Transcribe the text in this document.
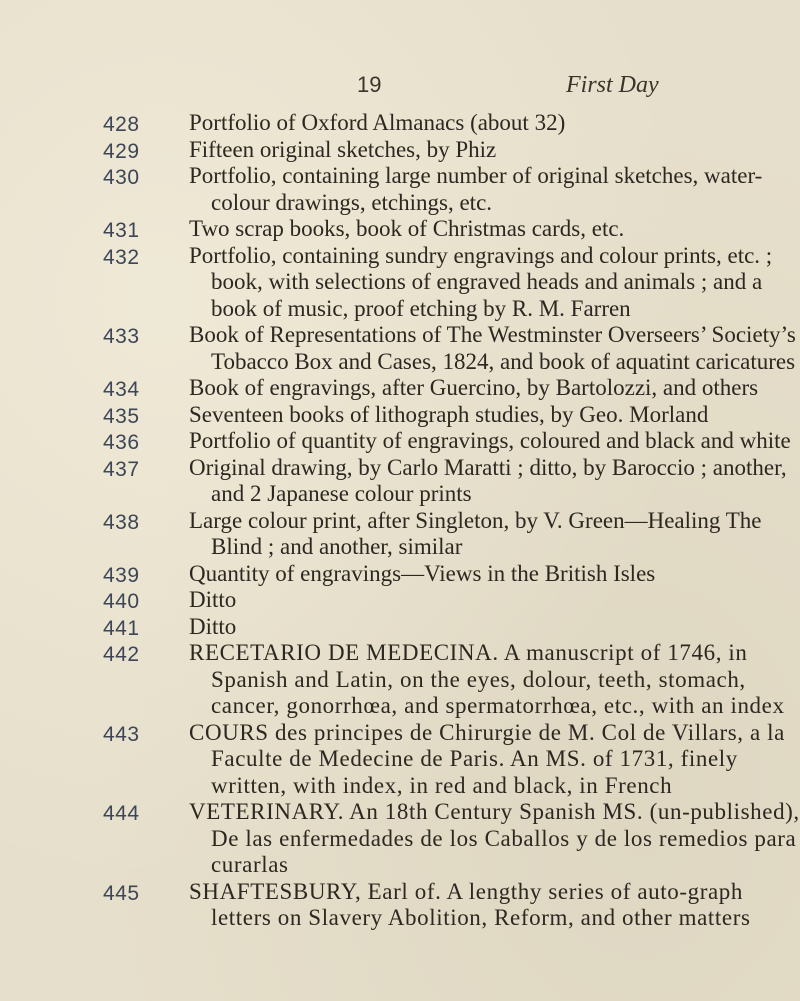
19	First Day
428	Portfolio of Oxford Almanacs (about 32)
429	Fifteen original sketches, by Phiz
430	Portfolio, containing large number of original sketches, water-colour drawings, etchings, etc.
431	Two scrap books, book of Christmas cards, etc.
432	Portfolio, containing sundry engravings and colour prints, etc. ; book, with selections of engraved heads and animals ; and a book of music, proof etching by R. M. Farren
433	Book of Representations of The Westminster Overseers’ Society’s Tobacco Box and Cases, 1824, and book of aquatint caricatures
434	Book of engravings, after Guercino, by Bartolozzi, and others
435	Seventeen books of lithograph studies, by Geo. Morland
436	Portfolio of quantity of engravings, coloured and black and white
437	Original drawing, by Carlo Maratti ; ditto, by Baroccio ; another, and 2 Japanese colour prints
438	Large colour print, after Singleton, by V. Green—Healing The Blind ; and another, similar
439	Quantity of engravings—Views in the British Isles
440	Ditto
441	Ditto
442	RECETARIO DE MEDECINA. A manuscript of 1746, in Spanish and Latin, on the eyes, dolour, teeth, stomach, cancer, gonorrhœa, and spermatorrhœa, etc., with an index
443	COURS des principes de Chirurgie de M. Col de Villars, a la Faculte de Medecine de Paris. An MS. of 1731, finely written, with index, in red and black, in French
444	VETERINARY. An 18th Century Spanish MS. (un-published), De las enfermedades de los Caballos y de los remedios para curarlas
445	SHAFTESBURY, Earl of. A lengthy series of auto-graph letters on Slavery Abolition, Reform, and other matters
